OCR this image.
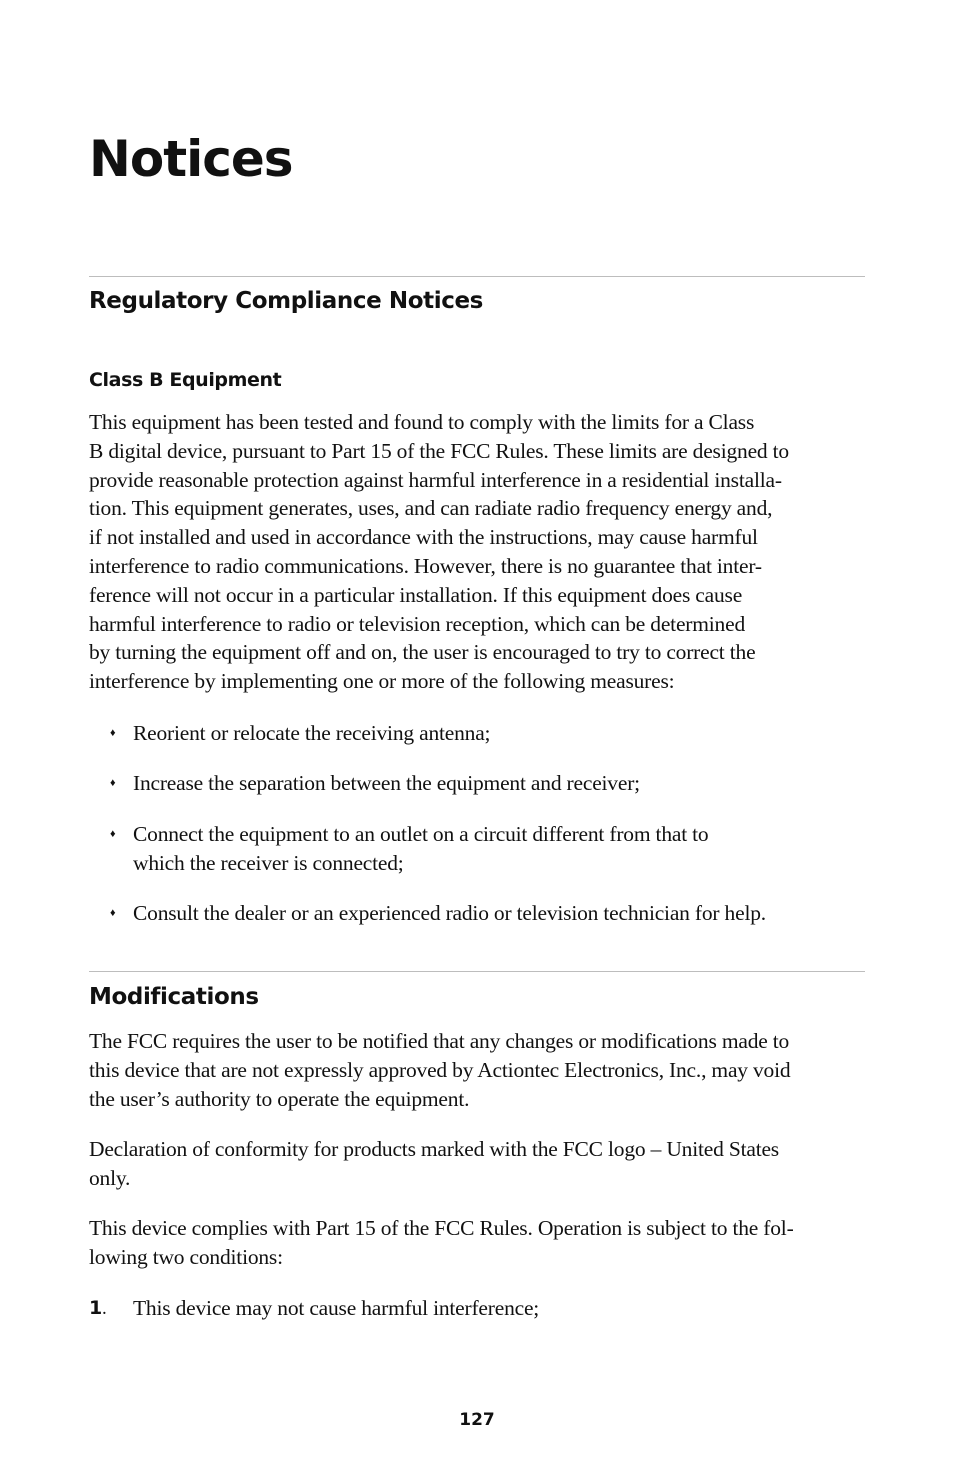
Notices
Regulatory Compliance Notices
Class B Equipment
This equipment has been tested and found to comply with the limits for a Class
B digital device, pursuant to Part 15 of the FCC Rules. These limits are designed to
provide reasonable protection against harmful interference in a residential installa-
tion. This equipment generates, uses, and can radiate radio frequency energy and,
if not installed and used in accordance with the instructions, may cause harmful
interference to radio communications. However, there is no guarantee that inter-
ference will not occur in a particular installation. If this equipment does cause
harmful interference to radio or television reception, which can be determined
by turning the equipment off and on, the user is encouraged to try to correct the
interference by implementing one or more of the following measures:
♦ Reorient or relocate the receiving antenna;
♦ Increase the separation between the equipment and receiver;
♦ Connect the equipment to an outlet on a circuit different from that to
which the receiver is connected;
♦ Consult the dealer or an experienced radio or television technician for help.
Modifications
The FCC requires the user to be notified that any changes or modifications made to
this device that are not expressly approved by Actiontec Electronics, Inc., may void
the user’s authority to operate the equipment.
Declaration of conformity for products marked with the FCC logo – United States
only.
This device complies with Part 15 of the FCC Rules. Operation is subject to the fol-
lowing two conditions:
1. This device may not cause harmful interference;
127
